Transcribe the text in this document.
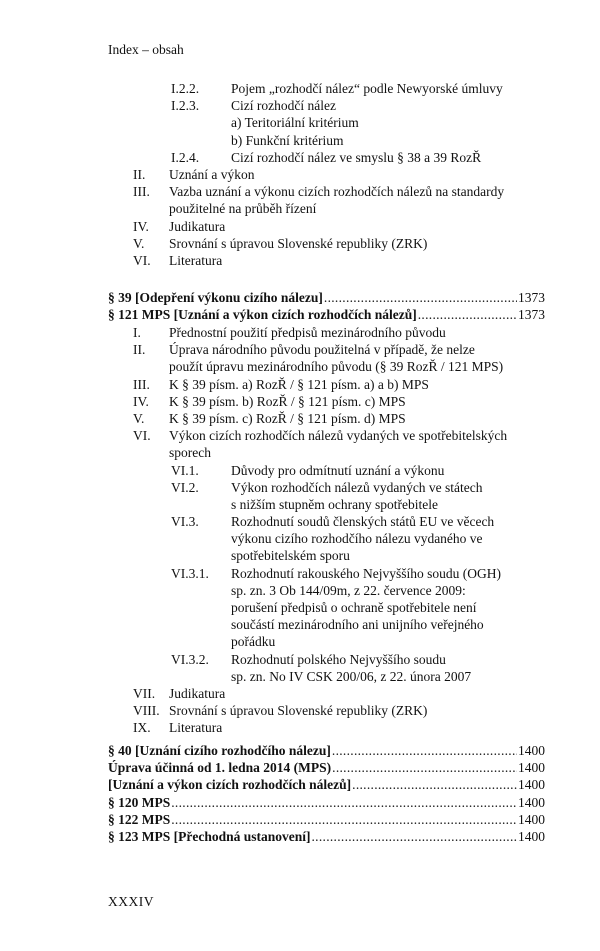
Index – obsah
I.2.2. Pojem „rozhodčí nález“ podle Newyorské úmluvy
I.2.3. Cizí rozhodčí nález
a) Teritoriální kritérium
b) Funkční kritérium
I.2.4. Cizí rozhodčí nález ve smyslu § 38 a 39 RozŘ
II. Uznání a výkon
III. Vazba uznání a výkonu cizích rozhodčích nálezů na standardy
použitelné na průběh řízení
IV. Judikatura
V. Srovnání s úpravou Slovenské republiky (ZRK)
VI. Literatura
§ 39 [Odepření výkonu cizího nálezu] .....	1373
§ 121 MPS [Uznání a výkon cizích rozhodčích nálezů] .....	1373
I. Přednostní použití předpisů mezinárodního původu
II. Úprava národního původu použitelná v případě, že nelze
použít úpravu mezinárodního původu (§ 39 RozŘ / 121 MPS)
III. K § 39 písm. a) RozŘ / § 121 písm. a) a b) MPS
IV. K § 39 písm. b) RozŘ / § 121 písm. c) MPS
V. K § 39 písm. c) RozŘ / § 121 písm. d) MPS
VI. Výkon cizích rozhodčích nálezů vydaných ve spotřebitelských
sporech
VI.1. Důvody pro odmítnutí uznání a výkonu
VI.2. Výkon rozhodčích nálezů vydaných ve státech
s nižším stupněm ochrany spotřebitele
VI.3. Rozhodnutí soudů členských států EU ve věcech
výkonu cizího rozhodčího nálezu vydaného ve
spotřebitelském sporu
VI.3.1. Rozhodnutí rakouského Nejvyššího soudu (OGH)
sp. zn. 3 Ob 144/09m, z 22. července 2009:
porušení předpisů o ochraně spotřebitele není
součástí mezinárodního ani unijního veřejného
pořádku
VI.3.2. Rozhodnutí polského Nejvyššího soudu
sp. zn. No IV CSK 200/06, z 22. února 2007
VII. Judikatura
VIII. Srovnání s úpravou Slovenské republiky (ZRK)
IX. Literatura
§ 40 [Uznání cizího rozhodčího nálezu] .....	1400
Úprava účinná od 1. ledna 2014 (MPS) .....	1400
[Uznání a výkon cizích rozhodčích nálezů] .....	1400
§ 120 MPS .....	1400
§ 122 MPS .....	1400
§ 123 MPS [Přechodná ustanovení] .....	1400
XXXIV
